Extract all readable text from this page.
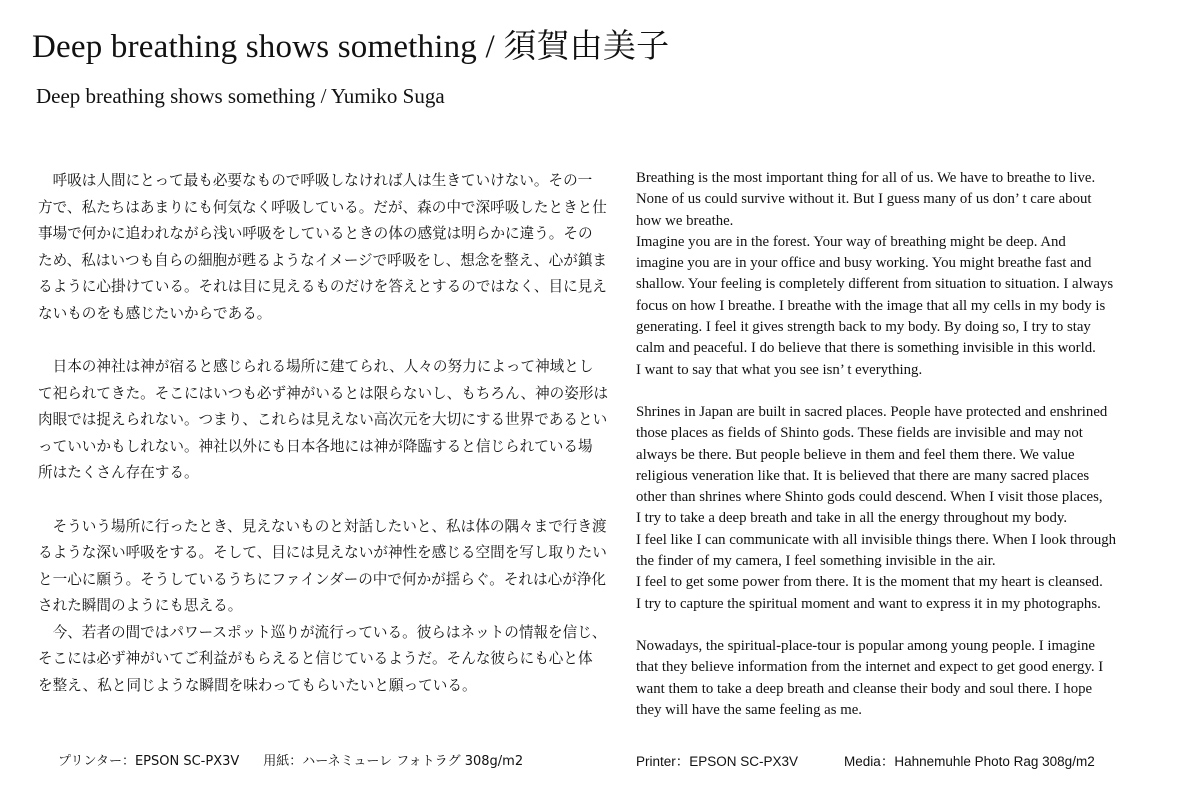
Deep breathing shows something / 須賀由美子
Deep breathing shows something / Yumiko Suga
　呼吸は人間にとって最も必要なもので呼吸しなければ人は生きていけない。その一
方で、私たちはあまりにも何気なく呼吸している。だが、森の中で深呼吸したときと仕
事場で何かに追われながら浅い呼吸をしているときの体の感覚は明らかに違う。その
ため、私はいつも自らの細胞が甦るようなイメージで呼吸をし、想念を整え、心が鎮ま
るように心掛けている。それは目に見えるものだけを答えとするのではなく、目に見え
ないものをも感じたいからである。
　日本の神社は神が宿ると感じられる場所に建てられ、人々の努力によって神域とし
て祀られてきた。そこにはいつも必ず神がいるとは限らないし、もちろん、神の姿形は
肉眼では捉えられない。つまり、これらは見えない高次元を大切にする世界であるとい
っていいかもしれない。神社以外にも日本各地には神が降臨すると信じられている場
所はたくさん存在する。
　そういう場所に行ったとき、見えないものと対話したいと、私は体の隅々まで行き渡
るような深い呼吸をする。そして、目には見えないが神性を感じる空間を写し取りたい
と一心に願う。そうしているうちにファインダーの中で何かが揺らぐ。それは心が浄化
された瞬間のようにも思える。
　今、若者の間ではパワースポット巡りが流行っている。彼らはネットの情報を信じ、
そこには必ず神がいてご利益がもらえると信じているようだ。そんな彼らにも心と体
を整え、私と同じような瞬間を味わってもらいたいと願っている。
Breathing is the most important thing for all of us. We have to breathe to live.
None of us could survive without it. But I guess many of us don’ t care about
how we breathe.
Imagine you are in the forest. Your way of breathing might be deep. And
imagine you are in your office and busy working. You might breathe fast and
shallow. Your feeling is completely different from situation to situation. I always
focus on how I breathe. I breathe with the image that all my cells in my body is
generating. I feel it gives strength back to my body. By doing so, I try to stay
calm and peaceful. I do believe that there is something invisible in this world.
I want to say that what you see isn’ t everything.
Shrines in Japan are built in sacred places. People have protected and enshrined
those places as fields of Shinto gods. These fields are invisible and may not
always be there. But people believe in them and feel them there. We value
religious veneration like that. It is believed that there are many sacred places
other than shrines where Shinto gods could descend. When I visit those places,
I try to take a deep breath and take in all the energy throughout my body.
I feel like I can communicate with all invisible things there. When I look through
the finder of my camera, I feel something invisible in the air.
I feel to get some power from there. It is the moment that my heart is cleansed.
I try to capture the spiritual moment and want to express it in my photographs.
Nowadays, the spiritual-place-tour is popular among young people. I imagine
that they believe information from the internet and expect to get good energy. I
want them to take a deep breath and cleanse their body and soul there. I hope
they will have the same feeling as me.
プリンター：EPSON SC-PX3V 用紙：ハーネミューレ フォトラグ 308g/m2	Printer：EPSON SC-PX3V	Media：Hahnemuhle Photo Rag 308g/m2
